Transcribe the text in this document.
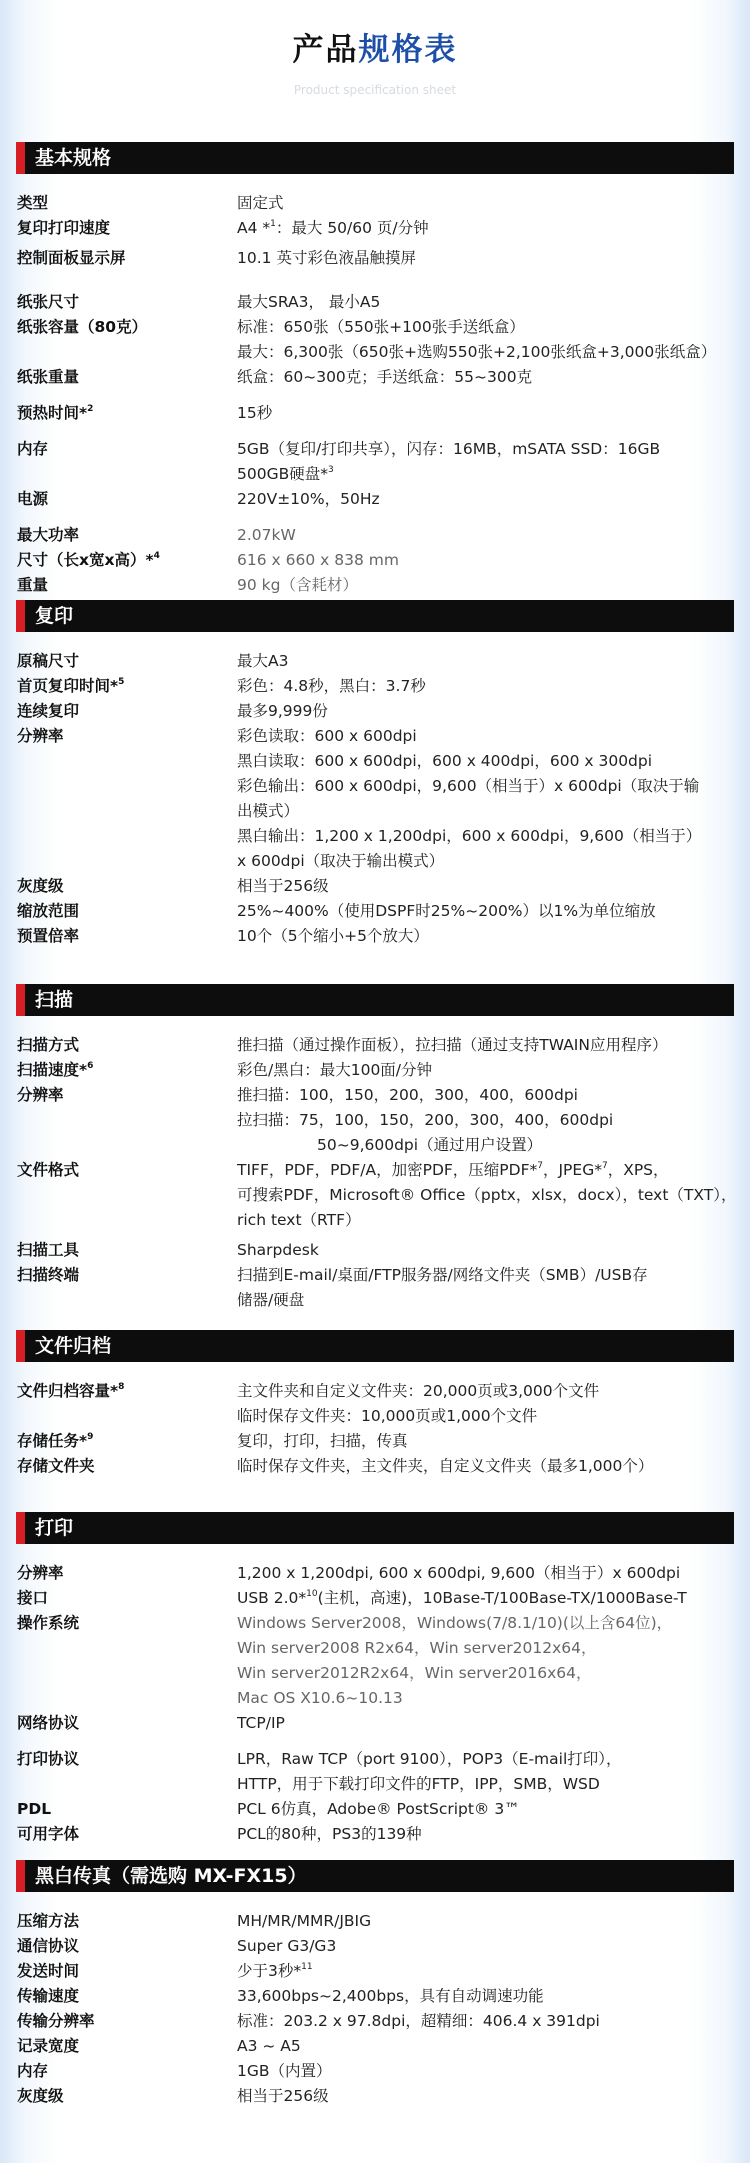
产品规格表
Product specification sheet
基本规格
类型	固定式
复印打印速度	A4 *$^1$：最大 50/60 页/分钟
控制面板显示屏	10.1 英寸彩色液晶触摸屏
纸张尺寸	最大SRA3， 最小A5
纸张容量（80克）	标准：650张（550张+100张手送纸盒）
最大：6,300张（650张+选购550张+2,100张纸盒+3,000张纸盒）
纸张重量	纸盒：60~300克；手送纸盒：55~300克
预热时间*$^2$	15秒
内存	5GB（复印/打印共享），闪存：16MB，mSATA SSD：16GB
500GB硬盘*$^3$
电源	220V±10%，50Hz
最大功率	2.07kW
尺寸（长x宽x高）*$^4$	616 x 660 x 838 mm
重量	90 kg（含耗材）
复印
原稿尺寸	最大A3
首页复印时间*$^5$	彩色：4.8秒，黑白：3.7秒
连续复印	最多9,999份
分辨率	彩色读取：600 x 600dpi
黑白读取：600 x 600dpi，600 x 400dpi，600 x 300dpi
彩色输出：600 x 600dpi，9,600（相当于）x 600dpi（取决于输
出模式）
黑白输出：1,200 x 1,200dpi，600 x 600dpi，9,600（相当于）
x 600dpi（取决于输出模式）
灰度级	相当于256级
缩放范围	25%~400%（使用DSPF时25%~200%）以1%为单位缩放
预置倍率	10个（5个缩小+5个放大）
扫描
扫描方式	推扫描（通过操作面板），拉扫描（通过支持TWAIN应用程序）
扫描速度*$^6$	彩色/黑白：最大100面/分钟
分辨率	推扫描：100，150，200，300，400，600dpi
拉扫描：75，100，150，200，300，400，600dpi
50~9,600dpi（通过用户设置）
文件格式	TIFF，PDF，PDF/A，加密PDF，压缩PDF*$^7$，JPEG*$^7$，XPS，
可搜索PDF，Microsoft® Office（pptx，xlsx，docx），text（TXT），
rich text（RTF）
扫描工具	Sharpdesk
扫描终端	扫描到E-mail/桌面/FTP服务器/网络文件夹（SMB）/USB存
储器/硬盘
文件归档
文件归档容量*$^8$	主文件夹和自定义文件夹：20,000页或3,000个文件
临时保存文件夹：10,000页或1,000个文件
存储任务*$^9$	复印，打印，扫描，传真
存储文件夹	临时保存文件夹，主文件夹，自定义文件夹（最多1,000个）
打印
分辨率	1,200 x 1,200dpi, 600 x 600dpi, 9,600（相当于）x 600dpi
接口	USB 2.0*$^{10}$(主机，高速)，10Base-T/100Base-TX/1000Base-T
操作系统	Windows Server2008，Windows(7/8.1/10)(以上含64位)，
Win server2008 R2x64，Win server2012x64，
Win server2012R2x64，Win server2016x64，
Mac OS X10.6~10.13
网络协议	TCP/IP
打印协议	LPR，Raw TCP（port 9100），POP3（E-mail打印），
HTTP，用于下载打印文件的FTP，IPP，SMB，WSD
PDL	PCL 6仿真，Adobe® PostScript® 3™
可用字体	PCL的80种，PS3的139种
黑白传真（需选购 MX-FX15）
压缩方法	MH/MR/MMR/JBIG
通信协议	Super G3/G3
发送时间	少于3秒*$^{11}$
传输速度	33,600bps~2,400bps，具有自动调速功能
传输分辨率	标准：203.2 x 97.8dpi，超精细：406.4 x 391dpi
记录宽度	A3 ~ A5
内存	1GB（内置）
灰度级	相当于256级
